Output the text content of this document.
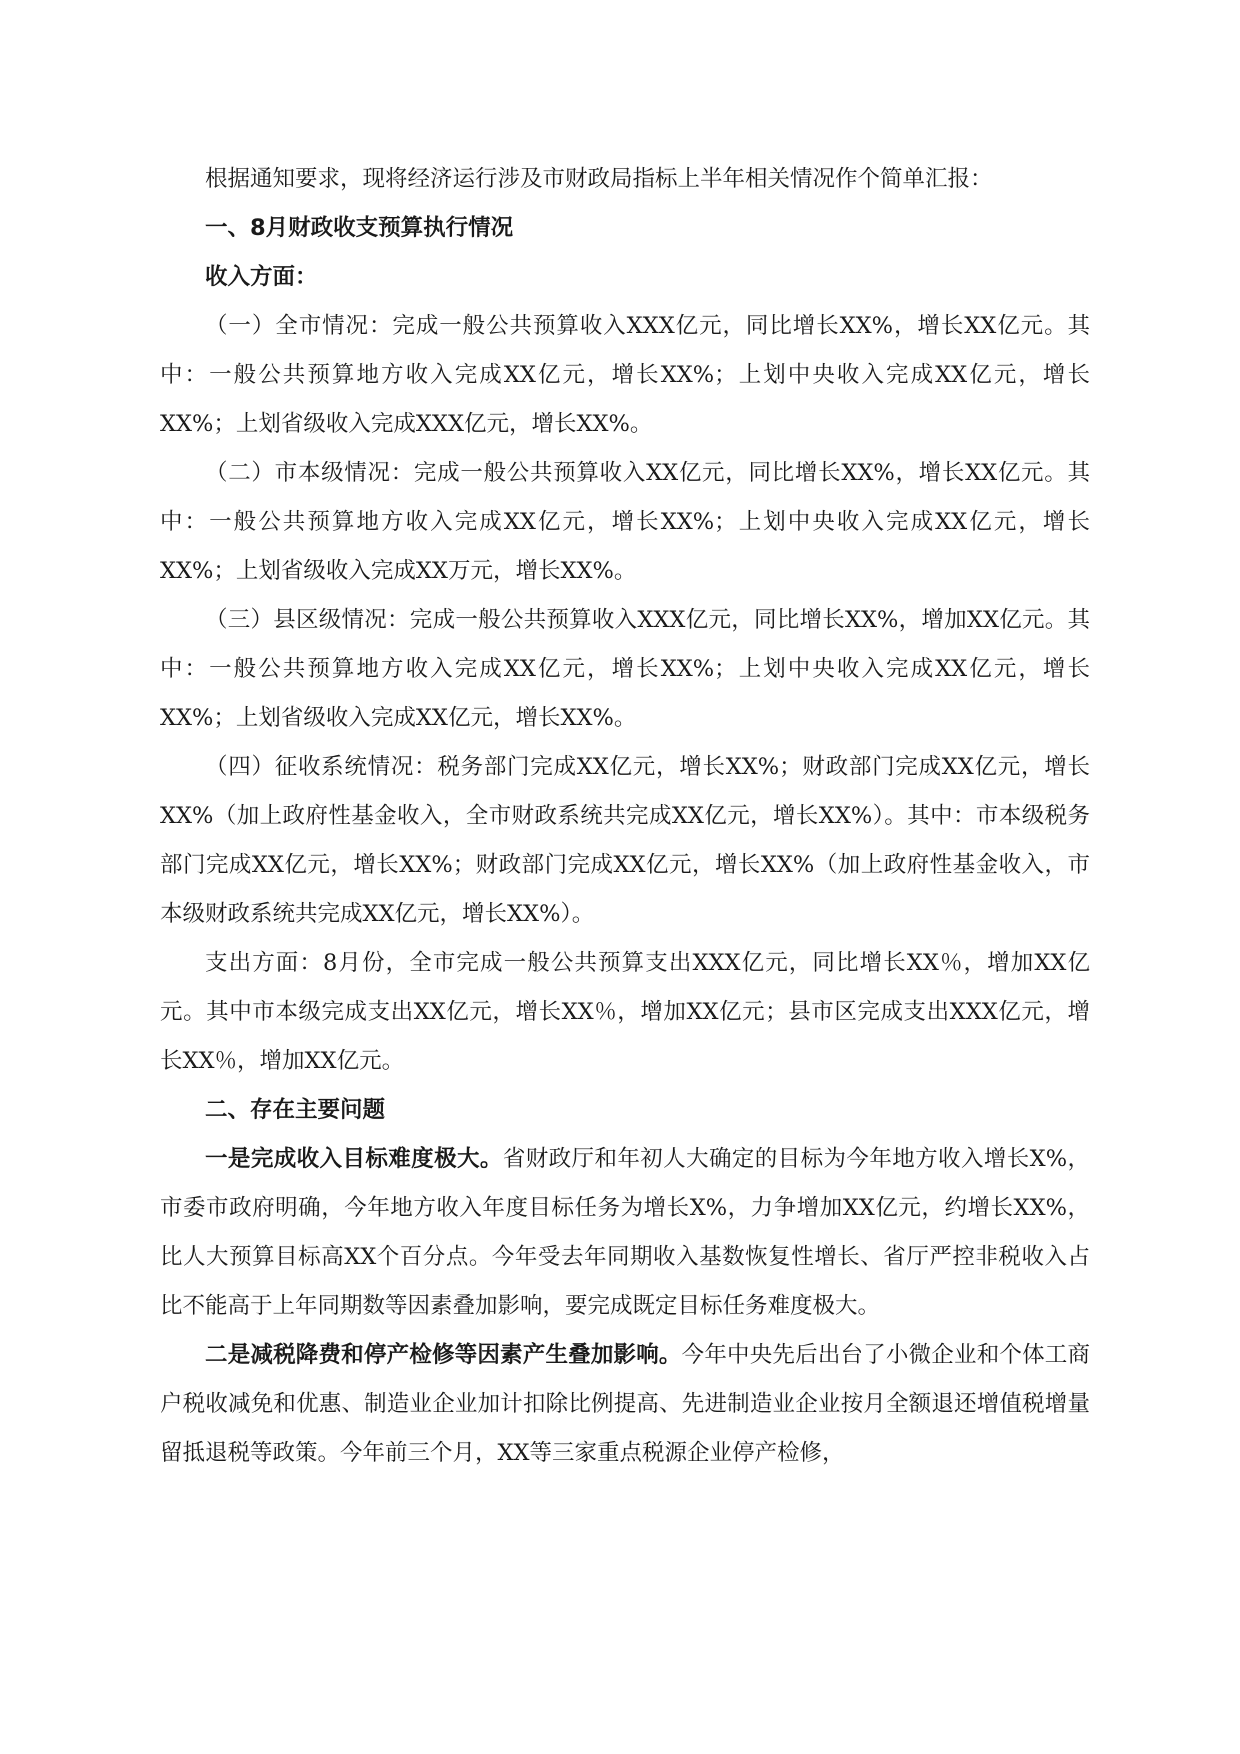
根据通知要求，现将经济运行涉及市财政局指标上半年相关情况作个简单汇报：

一、8月财政收支预算执行情况
收入方面：

（一）全市情况：完成一般公共预算收入XXX亿元，同比增长XX%，增长XX亿元。其中：一般公共预算地方收入完成XX亿元，增长XX%；上划中央收入完成XX亿元，增长XX%；上划省级收入完成XXX亿元，增长XX%。

（二）市本级情况：完成一般公共预算收入XX亿元，同比增长XX%，增长XX亿元。其中：一般公共预算地方收入完成XX亿元，增长XX%；上划中央收入完成XX亿元，增长XX%；上划省级收入完成XX万元，增长XX%。

（三）县区级情况：完成一般公共预算收入XXX亿元，同比增长XX%，增加XX亿元。其中：一般公共预算地方收入完成XX亿元，增长XX%；上划中央收入完成XX亿元，增长XX%；上划省级收入完成XX亿元，增长XX%。

（四）征收系统情况：税务部门完成XX亿元，增长XX%；财政部门完成XX亿元，增长XX%（加上政府性基金收入，全市财政系统共完成XX亿元，增长XX%）。其中：市本级税务部门完成XX亿元，增长XX%；财政部门完成XX亿元，增长XX%（加上政府性基金收入，市本级财政系统共完成XX亿元，增长XX%）。

支出方面：8月份，全市完成一般公共预算支出XXX亿元，同比增长XX％，增加XX亿元。其中市本级完成支出XX亿元，增长XX％，增加XX亿元；县市区完成支出XXX亿元，增长XX％，增加XX亿元。

二、存在主要问题

一是完成收入目标难度极大。省财政厅和年初人大确定的目标为今年地方收入增长X%，市委市政府明确，今年地方收入年度目标任务为增长X%，力争增加XX亿元，约增长XX%，比人大预算目标高XX个百分点。今年受去年同期收入基数恢复性增长、省厅严控非税收入占比不能高于上年同期数等因素叠加影响，要完成既定目标任务难度极大。

二是减税降费和停产检修等因素产生叠加影响。今年中央先后出台了小微企业和个体工商户税收减免和优惠、制造业企业加计扣除比例提高、先进制造业企业按月全额退还增值税增量留抵退税等政策。今年前三个月，XX等三家重点税源企业停产检修，
